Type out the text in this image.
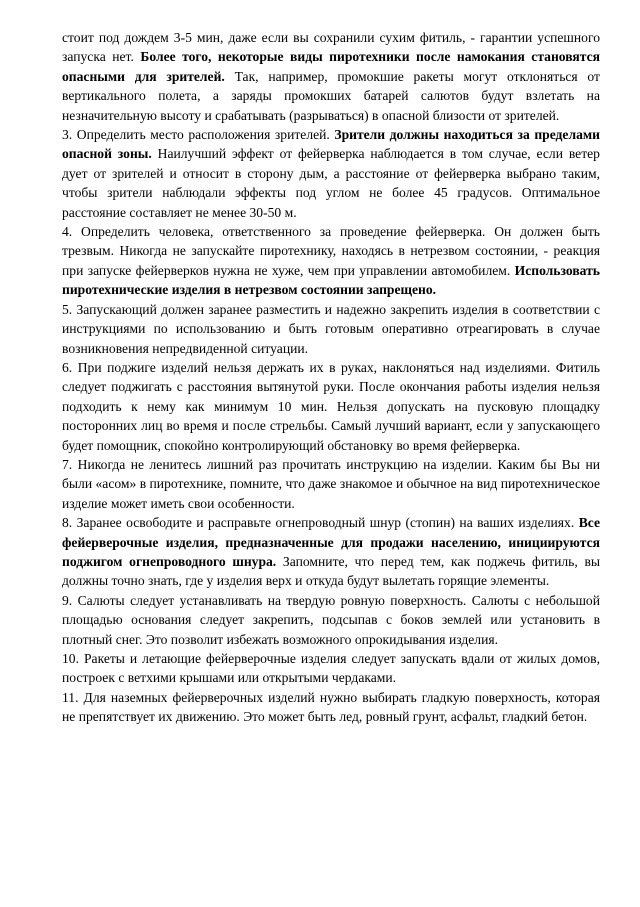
стоит под дождем 3-5 мин, даже если вы сохранили сухим фитиль, - гарантии успешного запуска нет. Более того, некоторые виды пиротехники после намокания становятся опасными для зрителей. Так, например, промокшие ракеты могут отклоняться от вертикального полета, а заряды промокших батарей салютов будут взлетать на незначительную высоту и срабатывать (разрываться) в опасной близости от зрителей.

3. Определить место расположения зрителей. Зрители должны находиться за пределами опасной зоны. Наилучший эффект от фейерверка наблюдается в том случае, если ветер дует от зрителей и относит в сторону дым, а расстояние от фейерверка выбрано таким, чтобы зрители наблюдали эффекты под углом не более 45 градусов. Оптимальное расстояние составляет не менее 30-50 м.

4. Определить человека, ответственного за проведение фейерверка. Он должен быть трезвым. Никогда не запускайте пиротехнику, находясь в нетрезвом состоянии, - реакция при запуске фейерверков нужна не хуже, чем при управлении автомобилем. Использовать пиротехнические изделия в нетрезвом состоянии запрещено.

5. Запускающий должен заранее разместить и надежно закрепить изделия в соответствии с инструкциями по использованию и быть готовым оперативно отреагировать в случае возникновения непредвиденной ситуации.

6. При поджиге изделий нельзя держать их в руках, наклоняться над изделиями. Фитиль следует поджигать с расстояния вытянутой руки. После окончания работы изделия нельзя подходить к нему как минимум 10 мин. Нельзя допускать на пусковую площадку посторонних лиц во время и после стрельбы. Самый лучший вариант, если у запускающего будет помощник, спокойно контролирующий обстановку во время фейерверка.

7. Никогда не ленитесь лишний раз прочитать инструкцию на изделии. Каким бы Вы ни были «асом» в пиротехнике, помните, что даже знакомое и обычное на вид пиротехническое изделие может иметь свои особенности.

8. Заранее освободите и расправьте огнепроводный шнур (стопин) на ваших изделиях. Все фейерверочные изделия, предназначенные для продажи населению, инициируются поджигом огнепроводного шнура. Запомните, что перед тем, как поджечь фитиль, вы должны точно знать, где у изделия верх и откуда будут вылетать горящие элементы.

9. Салюты следует устанавливать на твердую ровную поверхность. Салюты с небольшой площадью основания следует закрепить, подсыпав с боков землей или установить в плотный снег. Это позволит избежать возможного опрокидывания изделия.

10. Ракеты и летающие фейерверочные изделия следует запускать вдали от жилых домов, построек с ветхими крышами или открытыми чердаками.

11. Для наземных фейерверочных изделий нужно выбирать гладкую поверхность, которая не препятствует их движению. Это может быть лед, ровный грунт, асфальт, гладкий бетон.
